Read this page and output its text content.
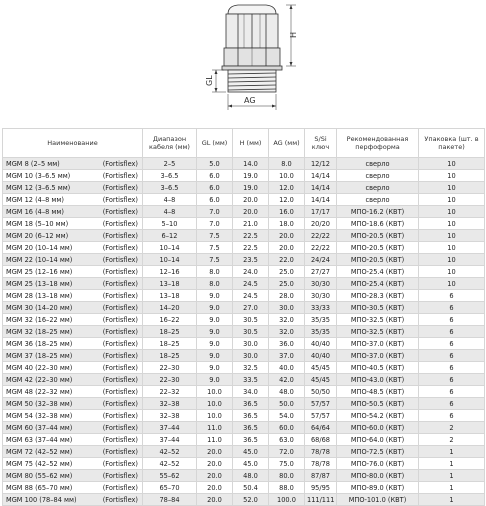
H
GL
AG
Наименование	Диапазон кабеля (мм)	GL (мм)	H (мм)	AG (мм)	S/Si ключ	Рекомендованная перфоформа	Упаковка (шт. в пакете)
MGM 8 (2–5 мм) (Fortisflex)	2–5	5.0	14.0	8.0	12/12	сверло	10
MGM 10 (3–6.5 мм) (Fortisflex)	3–6.5	6.0	19.0	10.0	14/14	сверло	10
MGM 12 (3–6.5 мм) (Fortisflex)	3–6.5	6.0	19.0	12.0	14/14	сверло	10
MGM 12 (4–8 мм) (Fortisflex)	4–8	6.0	20.0	12.0	14/14	сверло	10
MGM 16 (4–8 мм) (Fortisflex)	4–8	7.0	20.0	16.0	17/17	МПО-16.2 (КВТ)	10
MGM 18 (5–10 мм) (Fortisflex)	5–10	7.0	21.0	18.0	20/20	МПО-18.6 (КВТ)	10
MGM 20 (6–12 мм) (Fortisflex)	6–12	7.5	22.5	20.0	22/22	МПО-20.5 (КВТ)	10
MGM 20 (10–14 мм) (Fortisflex)	10–14	7.5	22.5	20.0	22/22	МПО-20.5 (КВТ)	10
MGM 22 (10–14 мм) (Fortisflex)	10–14	7.5	23.5	22.0	24/24	МПО-20.5 (КВТ)	10
MGM 25 (12–16 мм) (Fortisflex)	12–16	8.0	24.0	25.0	27/27	МПО-25.4 (КВТ)	10
MGM 25 (13–18 мм) (Fortisflex)	13–18	8.0	24.5	25.0	30/30	МПО-25.4 (КВТ)	10
MGM 28 (13–18 мм) (Fortisflex)	13–18	9.0	24.5	28.0	30/30	МПО-28.3 (КВТ)	6
MGM 30 (14–20 мм) (Fortisflex)	14–20	9.0	27.0	30.0	33/33	МПО-30.5 (КВТ)	6
MGM 32 (16–22 мм) (Fortisflex)	16–22	9.0	30.5	32.0	35/35	МПО-32.5 (КВТ)	6
MGM 32 (18–25 мм) (Fortisflex)	18–25	9.0	30.5	32.0	35/35	МПО-32.5 (КВТ)	6
MGM 36 (18–25 мм) (Fortisflex)	18–25	9.0	30.0	36.0	40/40	МПО-37.0 (КВТ)	6
MGM 37 (18–25 мм) (Fortisflex)	18–25	9.0	30.0	37.0	40/40	МПО-37.0 (КВТ)	6
MGM 40 (22–30 мм) (Fortisflex)	22–30	9.0	32.5	40.0	45/45	МПО-40.5 (КВТ)	6
MGM 42 (22–30 мм) (Fortisflex)	22–30	9.0	33.5	42.0	45/45	МПО-43.0 (КВТ)	6
MGM 48 (22–32 мм) (Fortisflex)	22–32	10.0	34.0	48.0	50/50	МПО-48.5 (КВТ)	6
MGM 50 (32–38 мм) (Fortisflex)	32–38	10.0	36.5	50.0	57/57	МПО-50.5 (КВТ)	6
MGM 54 (32–38 мм) (Fortisflex)	32–38	10.0	36.5	54.0	57/57	МПО-54.2 (КВТ)	6
MGM 60 (37–44 мм) (Fortisflex)	37–44	11.0	36.5	60.0	64/64	МПО-60.0 (КВТ)	2
MGM 63 (37–44 мм) (Fortisflex)	37–44	11.0	36.5	63.0	68/68	МПО-64.0 (КВТ)	2
MGM 72 (42–52 мм) (Fortisflex)	42–52	20.0	45.0	72.0	78/78	МПО-72.5 (КВТ)	1
MGM 75 (42–52 мм) (Fortisflex)	42–52	20.0	45.0	75.0	78/78	МПО-76.0 (КВТ)	1
MGM 80 (55–62 мм) (Fortisflex)	55–62	20.0	48.0	80.0	87/87	МПО-80.0 (КВТ)	1
MGM 88 (65–70 мм) (Fortisflex)	65–70	20.0	50.4	88.0	95/95	МПО-89.0 (КВТ)	1
MGM 100 (78–84 мм) (Fortisflex)	78–84	20.0	52.0	100.0	111/111	МПО-101.0 (КВТ)	1
